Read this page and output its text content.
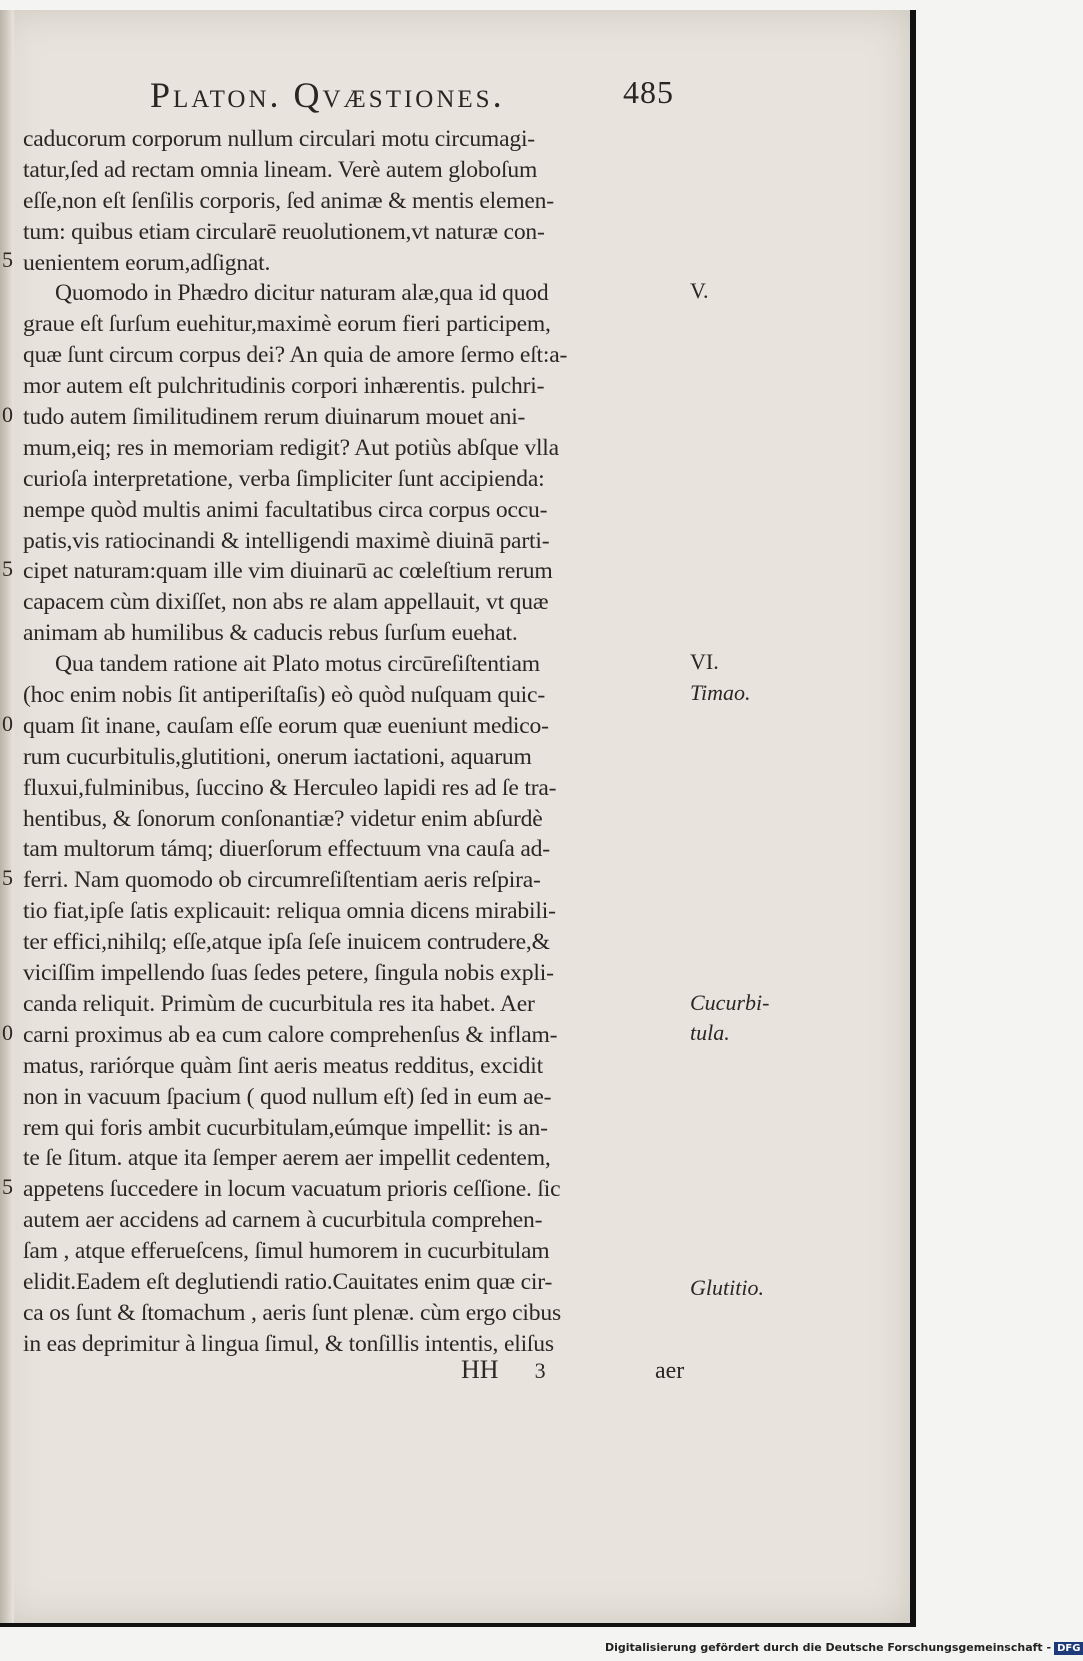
Platon. Qvæstiones.	485
caducorum corporum nullum circulari motu circumagi-
tatur,ſed ad rectam omnia lineam. Verè autem globoſum
eſſe,non eſt ſenſilis corporis, ſed animæ & mentis elemen-
tum: quibus etiam circularē reuolutionem,vt naturæ con-
uenientem eorum,adſignat.
Quomodo in Phædro dicitur naturam alæ,qua id quod
graue eſt ſurſum euehitur,maximè eorum fieri participem,
quæ ſunt circum corpus dei? An quia de amore ſermo eſt:a-
mor autem eſt pulchritudinis corpori inhærentis. pulchri-
tudo autem ſimilitudinem rerum diuinarum mouet ani-
mum,eiq; res in memoriam redigit? Aut potiùs abſque vlla
curioſa interpretatione, verba ſimpliciter ſunt accipienda:
nempe quòd multis animi facultatibus circa corpus occu-
patis,vis ratiocinandi & intelligendi maximè diuinā parti-
cipet naturam:quam ille vim diuinarū ac cœleſtium rerum
capacem cùm dixiſſet, non abs re alam appellauit, vt quæ
animam ab humilibus & caducis rebus ſurſum euehat.
Qua tandem ratione ait Plato motus circūreſiſtentiam
(hoc enim nobis ſit antiperiſtaſis) eò quòd nuſquam quic-
quam ſit inane, cauſam eſſe eorum quæ eueniunt medico-
rum cucurbitulis,glutitioni, onerum iactationi, aquarum
fluxui,fulminibus, ſuccino & Herculeo lapidi res ad ſe tra-
hentibus, & ſonorum conſonantiæ? videtur enim abſurdè
tam multorum támq; diuerſorum effectuum vna cauſa ad-
ferri. Nam quomodo ob circumreſiſtentiam aeris reſpira-
tio fiat,ipſe ſatis explicauit: reliqua omnia dicens mirabili-
ter effici,nihilq; eſſe,atque ipſa ſeſe inuicem contrudere,&
viciſſim impellendo ſuas ſedes petere, ſingula nobis expli-
canda reliquit. Primùm de cucurbitula res ita habet. Aer
carni proximus ab ea cum calore comprehenſus & inflam-
matus, rariórque quàm ſint aeris meatus redditus, excidit
non in vacuum ſpacium ( quod nullum eſt) ſed in eum ae-
rem qui foris ambit cucurbitulam,eúmque impellit: is an-
te ſe ſitum. atque ita ſemper aerem aer impellit cedentem,
appetens ſuccedere in locum vacuatum prioris ceſſione. ſic
autem aer accidens ad carnem à cucurbitula comprehen-
ſam , atque efferueſcens, ſimul humorem in cucurbitulam
elidit.Eadem eſt deglutiendi ratio.Cauitates enim quæ cir-
ca os ſunt & ſtomachum , aeris ſunt plenæ. cùm ergo cibus
in eas deprimitur à lingua ſimul, & tonſillis intentis, eliſus
5
0
5
0
5
0
5
V.
VI.
Timao.
Cucurbi-
tula.
Glutitio.
HH 3	aer
Digitalisierung gefördert durch die Deutsche Forschungsgemeinschaft - DFG
